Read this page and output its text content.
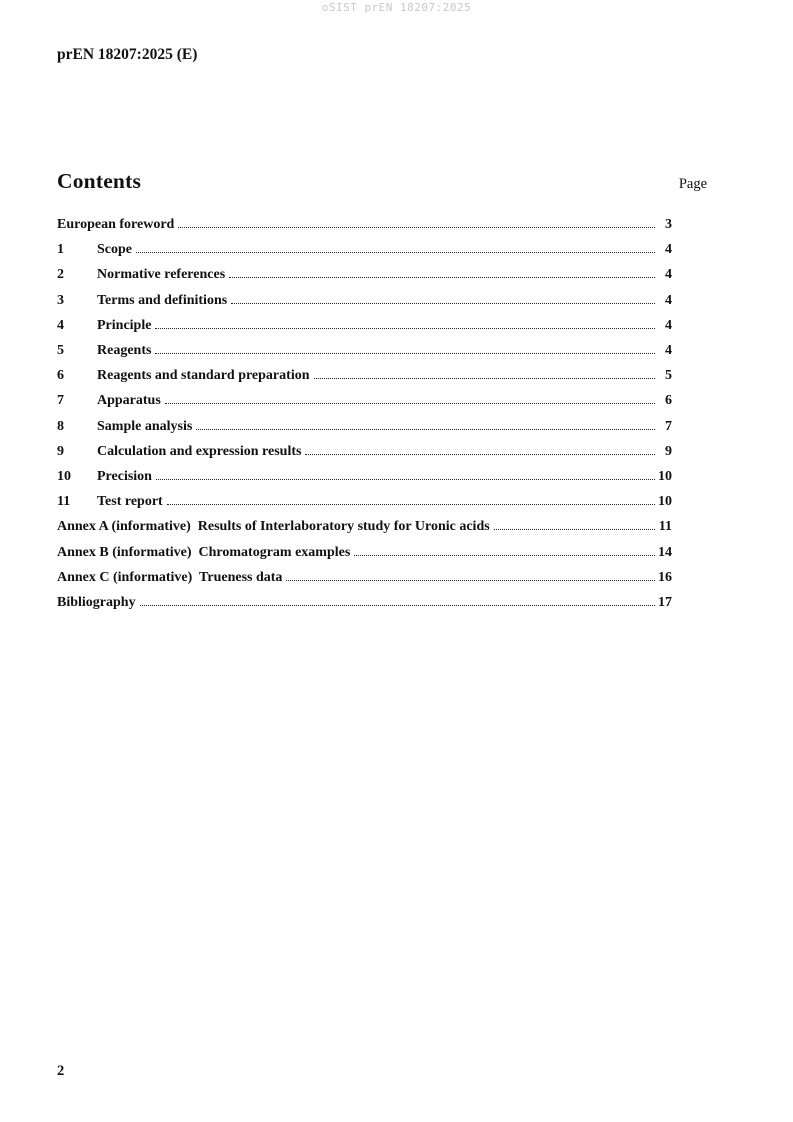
oSIST prEN 18207:2025
prEN 18207:2025 (E)
Contents	Page
European foreword	3
1	Scope	4
2	Normative references	4
3	Terms and definitions	4
4	Principle	4
5	Reagents	4
6	Reagents and standard preparation	5
7	Apparatus	6
8	Sample analysis	7
9	Calculation and expression results	9
10	Precision	10
11	Test report	10
Annex A (informative)  Results of Interlaboratory study for Uronic acids	11
Annex B (informative)  Chromatogram examples	14
Annex C (informative)  Trueness data	16
Bibliography	17
2
